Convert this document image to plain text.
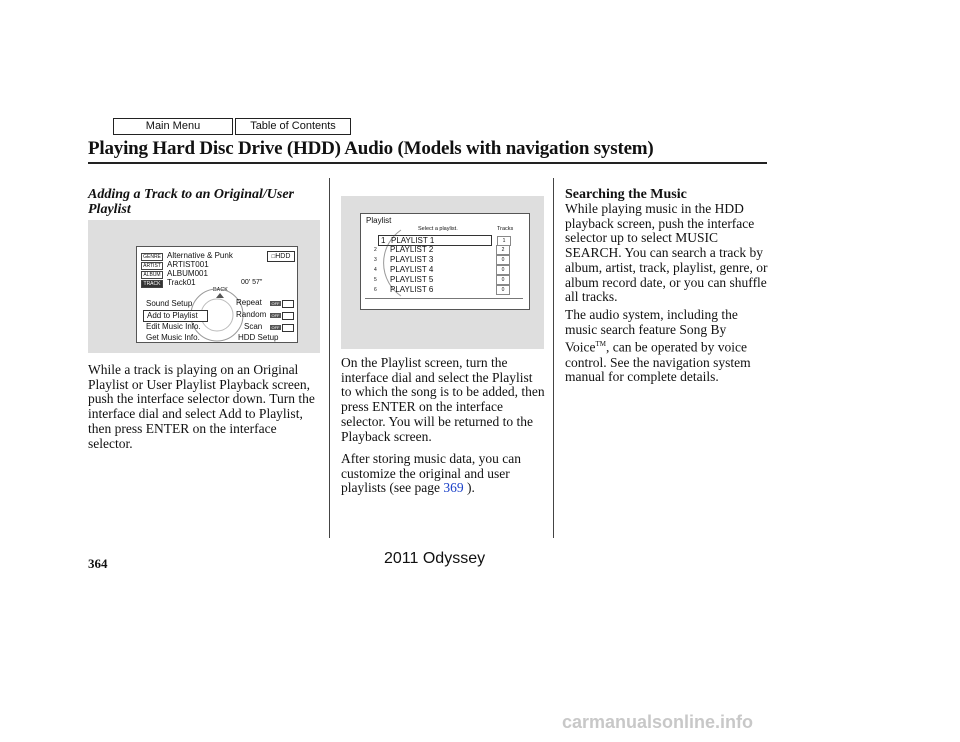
Main Menu	Table of Contents
Playing Hard Disc Drive (HDD) Audio (Models with navigation system)
Adding a Track to an Original/User Playlist
GENRE
ARTIST
ALBUM
TRACK
Alternative & Punk
ARTIST001
ALBUM001
Track01	00' 57"
□HDD
BACK
Sound Setup
Add to Playlist
Edit Music Info.
Get Music Info.
Repeat
Random
Scan
HDD Setup
OFF
OFF
OFF
While a track is playing on an Original Playlist or User Playlist Playback screen, push the interface selector down. Turn the interface dial and select Add to Playlist, then press ENTER on the interface selector.
Playlist
Select a playlist.	Tracks
1 PLAYLIST 1	1
2 PLAYLIST 2	2
3 PLAYLIST 3	0
4 PLAYLIST 4	0
5 PLAYLIST 5	0
6 PLAYLIST 6	0
On the Playlist screen, turn the interface dial and select the Playlist to which the song is to be added, then press ENTER on the interface selector. You will be returned to the Playback screen.
After storing music data, you can customize the original and user playlists (see page 369 ).
Searching the Music
While playing music in the HDD playback screen, push the interface selector up to select MUSIC SEARCH. You can search a track by album, artist, track, playlist, genre, or album record date, or you can shuffle all tracks.
The audio system, including the music search feature Song By Voice™, can be operated by voice control. See the navigation system manual for complete details.
364	2011 Odyssey
carmanualsonline.info
